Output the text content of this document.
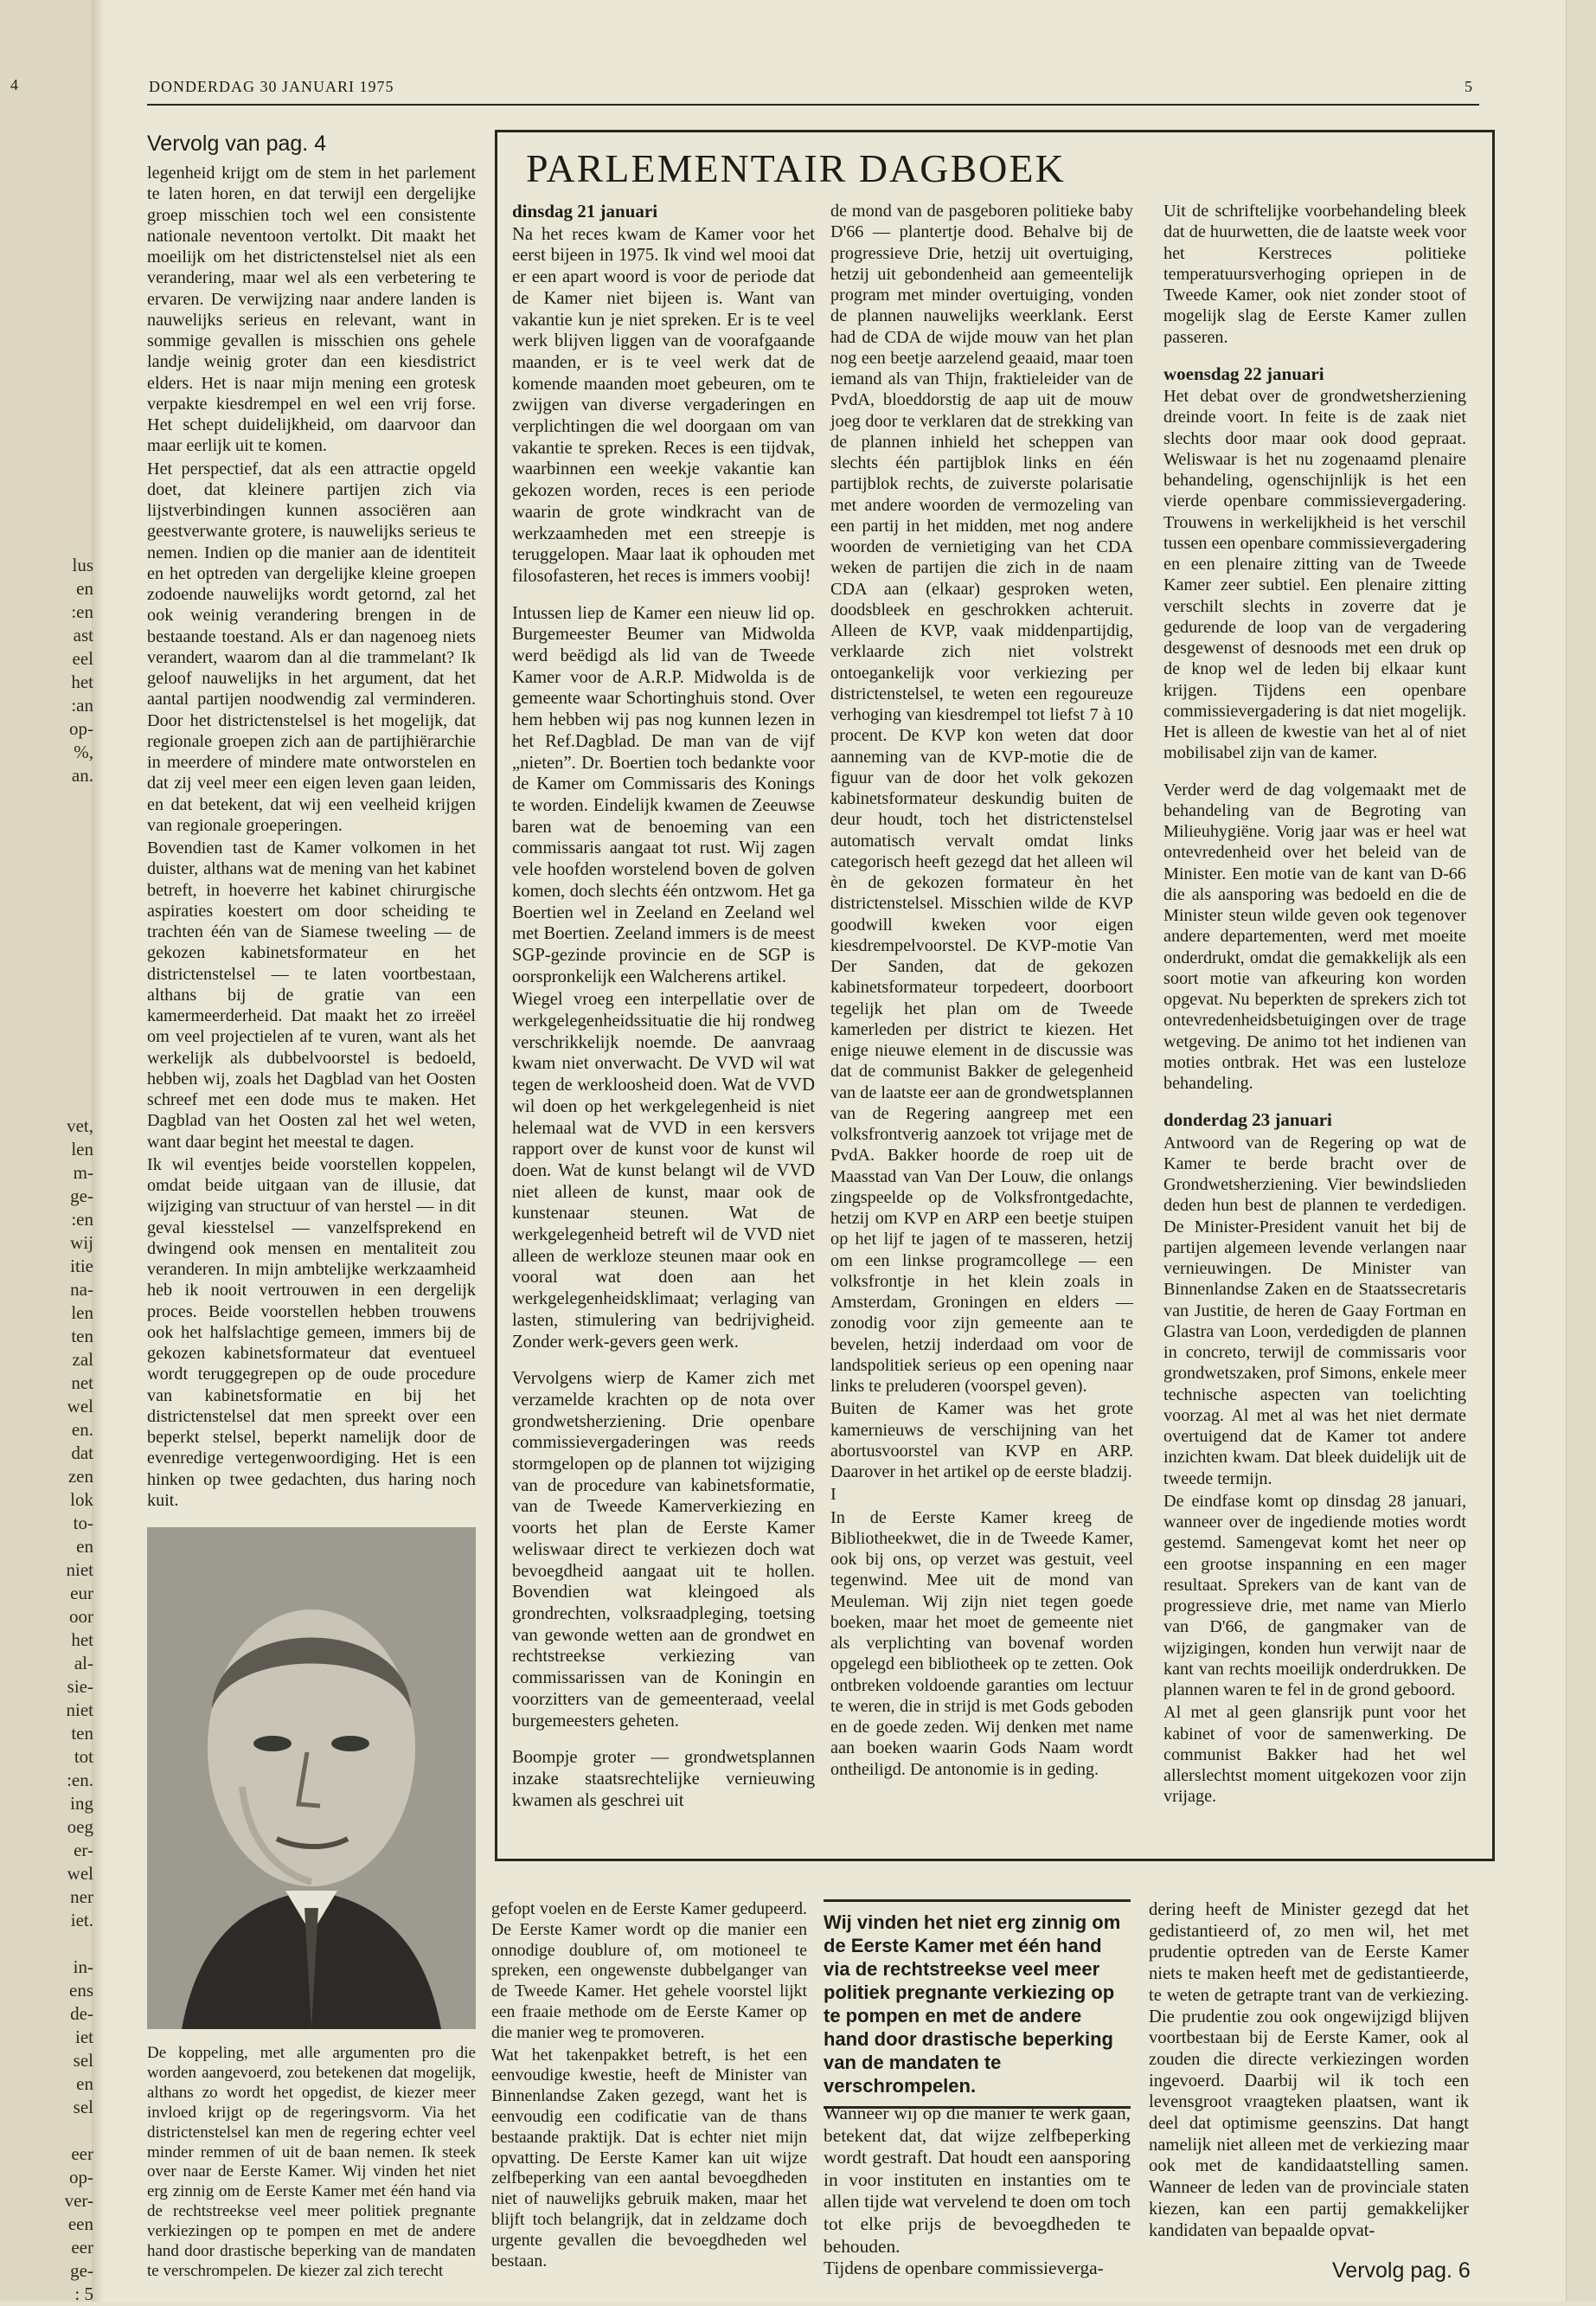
4	DONDERDAG 30 JANUARI 1975	5
lus
en
:en
ast
eel
het
:an
op-
%,
an.

vet,
len
m-
ge-
:en
wij
itie
na-
len
ten
zal
net
wel
en.
dat
zen
lok
to-
en
niet
eur
oor
het
al-
sie-
niet
ten
tot
:en.
ing
oeg
er-
wel
ner
iet.

in-
ens
de-
iet
sel
en
sel

eer
op-
ver-
een
eer
ge-
: 5
Vervolg van pag. 4

legenheid krijgt om de stem in het parlement te laten horen, en dat terwijl een dergelijke groep misschien toch wel een consistente nationale neventoon vertolkt. Dit maakt het moeilijk om het districtenstelsel niet als een verandering, maar wel als een verbetering te ervaren. De verwijzing naar andere landen is nauwelijks serieus en relevant, want in sommige gevallen is misschien ons gehele landje weinig groter dan een kiesdistrict elders. Het is naar mijn mening een grotesk verpakte kiesdrempel en wel een vrij forse. Het schept duidelijkheid, om daarvoor dan maar eerlijk uit te komen.

Het perspectief, dat als een attractie opgeld doet, dat kleinere partijen zich via lijstverbindingen kunnen associëren aan geestverwante grotere, is nauwelijks serieus te nemen. Indien op die manier aan de identiteit en het optreden van dergelijke kleine groepen zodoende nauwelijks wordt getornd, zal het ook weinig verandering brengen in de bestaande toestand. Als er dan nagenoeg niets verandert, waarom dan al die trammelant? Ik geloof nauwelijks in het argument, dat het aantal partijen noodwendig zal verminderen. Door het districtenstelsel is het mogelijk, dat regionale groepen zich aan de partijhiërarchie in meerdere of mindere mate ontworstelen en dat zij veel meer een eigen leven gaan leiden, en dat betekent, dat wij een veelheid krijgen van regionale groeperingen.

Bovendien tast de Kamer volkomen in het duister, althans wat de mening van het kabinet betreft, in hoeverre het kabinet chirurgische aspiraties koestert om door scheiding te trachten één van de Siamese tweeling — de gekozen kabinetsformateur en het districtenstelsel — te laten voortbestaan, althans bij de gratie van een kamermeerderheid. Dat maakt het zo irreëel om veel projectielen af te vuren, want als het werkelijk als dubbelvoorstel is bedoeld, hebben wij, zoals het Dagblad van het Oosten schreef met een dode mus te maken. Het Dagblad van het Oosten zal het wel weten, want daar begint het meestal te dagen.

Ik wil eventjes beide voorstellen koppelen, omdat beide uitgaan van de illusie, dat wijziging van structuur of van herstel — in dit geval kiesstelsel — vanzelfsprekend en dwingend ook mensen en mentaliteit zou veranderen. In mijn ambtelijke werkzaamheid heb ik nooit vertrouwen in een dergelijk proces. Beide voorstellen hebben trouwens ook het halfslachtige gemeen, immers bij de gekozen kabinetsformateur dat eventueel wordt teruggegrepen op de oude procedure van kabinetsformatie en bij het districtenstelsel dat men spreekt over een beperkt stelsel, beperkt namelijk door de evenredige vertegenwoordiging. Het is een hinken op twee gedachten, dus haring noch kuit.

De koppeling, met alle argumenten pro die worden aangevoerd, zou betekenen dat mogelijk, althans zo wordt het opgedist, de kiezer meer invloed krijgt op de regeringsvorm. Via het districtenstelsel kan men de regering echter veel minder remmen of uit de baan nemen. Ik steek over naar de Eerste Kamer. Wij vinden het niet erg zinnig om de Eerste Kamer met één hand via de rechtstreekse veel meer politiek pregnante verkiezingen op te pompen en met de andere hand door drastische beperking van de mandaten te verschrompelen. De kiezer zal zich terecht

PARLEMENTAIR DAGBOEK

dinsdag 21 januari

Na het reces kwam de Kamer voor het eerst bijeen in 1975. Ik vind wel mooi dat er een apart woord is voor de periode dat de Kamer niet bijeen is. Want van vakantie kun je niet spreken. Er is te veel werk blijven liggen van de voorafgaande maanden, er is te veel werk dat de komende maanden moet gebeuren, om te zwijgen van diverse vergaderingen en verplichtingen die wel doorgaan om van vakantie te spreken. Reces is een tijdvak, waarbinnen een weekje vakantie kan gekozen worden, reces is een periode waarin de grote windkracht van de werkzaamheden met een streepje is teruggelopen. Maar laat ik ophouden met filosofasteren, het reces is immers voobij!

Intussen liep de Kamer een nieuw lid op. Burgemeester Beumer van Midwolda werd beëdigd als lid van de Tweede Kamer voor de A.R.P. Midwolda is de gemeente waar Schortinghuis stond. Over hem hebben wij pas nog kunnen lezen in het Ref.Dagblad. De man van de vijf „nieten”. Dr. Boertien toch bedankte voor de Kamer om Commissaris des Konings te worden. Eindelijk kwamen de Zeeuwse baren wat de benoeming van een commissaris aangaat tot rust. Wij zagen vele hoofden worstelend boven de golven komen, doch slechts één ontzwom. Het ga Boertien wel in Zeeland en Zeeland wel met Boertien. Zeeland immers is de meest SGP-gezinde provincie en de SGP is oorspronkelijk een Walcherens artikel.

Wiegel vroeg een interpellatie over de werkgelegenheidssituatie die hij rondweg verschrikkelijk noemde. De aanvraag kwam niet onverwacht. De VVD wil wat tegen de werkloosheid doen. Wat de VVD wil doen op het werkgelegenheid is niet helemaal wat de VVD in een kersvers rapport over de kunst voor de kunst wil doen. Wat de kunst belangt wil de VVD niet alleen de kunst, maar ook de kunstenaar steunen. Wat de werkgelegenheid betreft wil de VVD niet alleen de werkloze steunen maar ook en vooral wat doen aan het werkgelegenheidsklimaat; verlaging van lasten, stimulering van bedrijvigheid. Zonder werk-gevers geen werk.

Vervolgens wierp de Kamer zich met verzamelde krachten op de nota over grondwetsherziening. Drie openbare commissievergaderingen was reeds stormgelopen op de plannen tot wijziging van de procedure van kabinetsformatie, van de Tweede Kamerverkiezing en voorts het plan de Eerste Kamer weliswaar direct te verkiezen doch wat bevoegdheid aangaat uit te hollen. Bovendien wat kleingoed als grondrechten, volksraadpleging, toetsing van gewonde wetten aan de grondwet en rechtstreekse verkiezing van commissarissen van de Koningin en voorzitters van de gemeenteraad, veelal burgemeesters geheten.

Boompje groter — grondwetsplannen inzake staatsrechtelijke vernieuwing kwamen als geschrei uit

de mond van de pasgeboren politieke baby D'66 — plantertje dood. Behalve bij de progressieve Drie, hetzij uit overtuiging, hetzij uit gebondenheid aan gemeentelijk program met minder overtuiging, vonden de plannen nauwelijks weerklank. Eerst had de CDA de wijde mouw van het plan nog een beetje aarzelend geaaid, maar toen iemand als van Thijn, fraktieleider van de PvdA, bloeddorstig de aap uit de mouw joeg door te verklaren dat de strekking van de plannen inhield het scheppen van slechts één partijblok links en één partijblok rechts, de zuiverste polarisatie met andere woorden de vermozeling van een partij in het midden, met nog andere woorden de vernietiging van het CDA weken de partijen die zich in de naam CDA aan (elkaar) gesproken weten, doodsbleek en geschrokken achteruit. Alleen de KVP, vaak middenpartijdig, verklaarde zich niet volstrekt ontoegankelijk voor verkiezing per districtenstelsel, te weten een regoureuze verhoging van kiesdrempel tot liefst 7 à 10 procent. De KVP kon weten dat door aanneming van de KVP-motie die de figuur van de door het volk gekozen kabinetsformateur deskundig buiten de deur houdt, toch het districtenstelsel automatisch vervalt omdat links categorisch heeft gezegd dat het alleen wil èn de gekozen formateur èn het districtenstelsel. Misschien wilde de KVP goodwill kweken voor eigen kiesdrempelvoorstel. De KVP-motie Van Der Sanden, dat de gekozen kabinetsformateur torpedeert, doorboort tegelijk het plan om de Tweede kamerleden per district te kiezen. Het enige nieuwe element in de discussie was dat de communist Bakker de gelegenheid van de laatste eer aan de grondwetsplannen van de Regering aangreep met een volksfrontverig aanzoek tot vrijage met de PvdA. Bakker hoorde de roep uit de Maasstad van Van Der Louw, die onlangs zingspeelde op de Volksfrontgedachte, hetzij om KVP en ARP een beetje stuipen op het lijf te jagen of te masseren, hetzij om een linkse programcollege — een volksfrontje in het klein zoals in Amsterdam, Groningen en elders — zonodig voor zijn gemeente aan te bevelen, hetzij inderdaad om voor de landspolitiek serieus op een opening naar links te preluderen (voorspel geven).

Buiten de Kamer was het grote kamernieuws de verschijning van het abortusvoorstel van KVP en ARP. Daarover in het artikel op de eerste bladzij.

I

In de Eerste Kamer kreeg de Bibliotheekwet, die in de Tweede Kamer, ook bij ons, op verzet was gestuit, veel tegenwind. Mee uit de mond van Meuleman. Wij zijn niet tegen goede boeken, maar het moet de gemeente niet als verplichting van bovenaf worden opgelegd een bibliotheek op te zetten. Ook ontbreken voldoende garanties om lectuur te weren, die in strijd is met Gods geboden en de goede zeden. Wij denken met name aan boeken waarin Gods Naam wordt ontheiligd. De antonomie is in geding.

Uit de schriftelijke voorbehandeling bleek dat de huurwetten, die de laatste week voor het Kerstreces politieke temperatuursverhoging opriepen in de Tweede Kamer, ook niet zonder stoot of mogelijk slag de Eerste Kamer zullen passeren.

woensdag 22 januari

Het debat over de grondwetsherziening dreinde voort. In feite is de zaak niet slechts door maar ook dood gepraat. Weliswaar is het nu zogenaamd plenaire behandeling, ogenschijnlijk is het een vierde openbare commissievergadering. Trouwens in werkelijkheid is het verschil tussen een openbare commissievergadering en een plenaire zitting van de Tweede Kamer zeer subtiel. Een plenaire zitting verschilt slechts in zoverre dat je gedurende de loop van de vergadering desgewenst of desnoods met een druk op de knop wel de leden bij elkaar kunt krijgen. Tijdens een openbare commissievergadering is dat niet mogelijk. Het is alleen de kwestie van het al of niet mobilisabel zijn van de kamer.

Verder werd de dag volgemaakt met de behandeling van de Begroting van Milieuhygiëne. Vorig jaar was er heel wat ontevredenheid over het beleid van de Minister. Een motie van de kant van D-66 die als aansporing was bedoeld en die de Minister steun wilde geven ook tegenover andere departementen, werd met moeite onderdrukt, omdat die gemakkelijk als een soort motie van afkeuring kon worden opgevat. Nu beperkten de sprekers zich tot ontevredenheidsbetuigingen over de trage wetgeving. De animo tot het indienen van moties ontbrak. Het was een lusteloze behandeling.

donderdag 23 januari

Antwoord van de Regering op wat de Kamer te berde bracht over de Grondwetsherziening. Vier bewindslieden deden hun best de plannen te verdedigen. De Minister-President vanuit het bij de partijen algemeen levende verlangen naar vernieuwingen. De Minister van Binnenlandse Zaken en de Staatssecretaris van Justitie, de heren de Gaay Fortman en Glastra van Loon, verdedigden de plannen in concreto, terwijl de commissaris voor grondwetszaken, prof Simons, enkele meer technische aspecten van toelichting voorzag. Al met al was het niet dermate overtuigend dat de Kamer tot andere inzichten kwam. Dat bleek duidelijk uit de tweede termijn.

De eindfase komt op dinsdag 28 januari, wanneer over de ingediende moties wordt gestemd. Samengevat komt het neer op een grootse inspanning en een mager resultaat. Sprekers van de kant van de progressieve drie, met name van Mierlo van D'66, de gangmaker van de wijzigingen, konden hun verwijt naar de kant van rechts moeilijk onderdrukken. De plannen waren te fel in de grond geboord.

Al met al geen glansrijk punt voor het kabinet of voor de samenwerking. De communist Bakker had het wel allerslechtst moment uitgekozen voor zijn vrijage.

gefopt voelen en de Eerste Kamer gedupeerd. De Eerste Kamer wordt op die manier een onnodige doublure of, om motioneel te spreken, een ongewenste dubbelganger van de Tweede Kamer. Het gehele voorstel lijkt een fraaie methode om de Eerste Kamer op die manier weg te promoveren.

Wat het takenpakket betreft, is het een eenvoudige kwestie, heeft de Minister van Binnenlandse Zaken gezegd, want het is eenvoudig een codificatie van de thans bestaande praktijk. Dat is echter niet mijn opvatting. De Eerste Kamer kan uit wijze zelfbeperking van een aantal bevoegdheden niet of nauwelijks gebruik maken, maar het blijft toch belangrijk, dat in zeldzame doch urgente gevallen die bevoegdheden wel bestaan.

Wij vinden het niet erg zinnig om de Eerste Kamer met één hand via de rechtstreekse veel meer politiek pregnante verkiezing op te pompen en met de andere hand door drastische beperking van de mandaten te verschrompelen.
Wanneer wij op die manier te werk gaan, betekent dat, dat wijze zelfbeperking wordt gestraft. Dat houdt een aansporing in voor instituten en instanties om te allen tijde wat vervelend te doen om toch tot elke prijs de bevoegdheden te behouden.
Tijdens de openbare commissieverga-
dering heeft de Minister gezegd dat het gedistantieerd of, zo men wil, het met prudentie optreden van de Eerste Kamer niets te maken heeft met de gedistantieerde, te weten de getrapte trant van de verkiezing. Die prudentie zou ook ongewijzigd blijven voortbestaan bij de Eerste Kamer, ook al zouden die directe verkiezingen worden ingevoerd. Daarbij wil ik toch een levensgroot vraagteken plaatsen, want ik deel dat optimisme geenszins. Dat hangt namelijk niet alleen met de verkiezing maar ook met de kandidaatstelling samen. Wanneer de leden van de provinciale staten kiezen, kan een partij gemakkelijker kandidaten van bepaalde opvat-
Vervolg pag. 6
